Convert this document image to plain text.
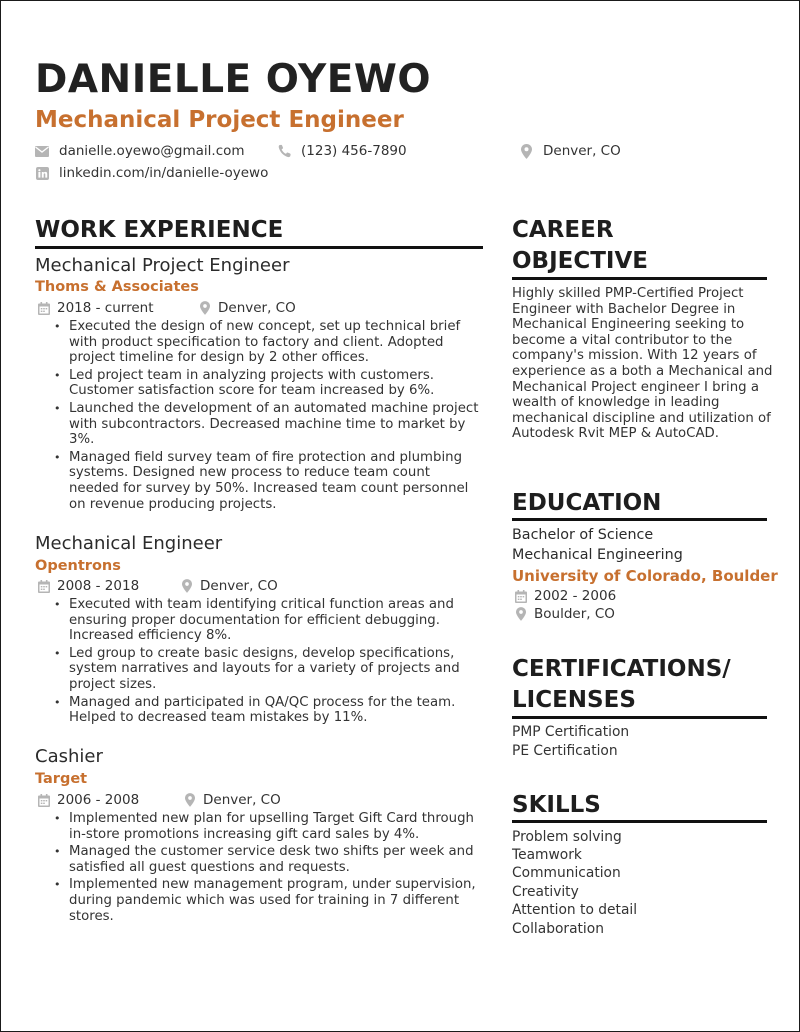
DANIELLE OYEWO
Mechanical Project Engineer
danielle.oyewo@gmail.com	(123) 456-7890	Denver, CO
linkedin.com/in/danielle-oyewo
WORK EXPERIENCE
Mechanical Project Engineer
Thoms & Associates
2018 - current	Denver, CO
• Executed the design of new concept, set up technical brief with product specification to factory and client. Adopted project timeline for design by 2 other offices.
• Led project team in analyzing projects with customers. Customer satisfaction score for team increased by 6%.
• Launched the development of an automated machine project with subcontractors. Decreased machine time to market by 3%.
• Managed field survey team of fire protection and plumbing systems. Designed new process to reduce team count needed for survey by 50%. Increased team count personnel on revenue producing projects.
Mechanical Engineer
Opentrons
2008 - 2018	Denver, CO
• Executed with team identifying critical function areas and ensuring proper documentation for efficient debugging. Increased efficiency 8%.
• Led group to create basic designs, develop specifications, system narratives and layouts for a variety of projects and project sizes.
• Managed and participated in QA/QC process for the team. Helped to decreased team mistakes by 11%.
Cashier
Target
2006 - 2008	Denver, CO
• Implemented new plan for upselling Target Gift Card through in-store promotions increasing gift card sales by 4%.
• Managed the customer service desk two shifts per week and satisfied all guest questions and requests.
• Implemented new management program, under supervision, during pandemic which was used for training in 7 different stores.
CAREER
OBJECTIVE
Highly skilled PMP-Certified Project Engineer with Bachelor Degree in Mechanical Engineering seeking to become a vital contributor to the company's mission. With 12 years of experience as a both a Mechanical and Mechanical Project engineer I bring a wealth of knowledge in leading mechanical discipline and utilization of Autodesk Rvit MEP & AutoCAD.
EDUCATION
Bachelor of Science
Mechanical Engineering
University of Colorado, Boulder
2002 - 2006
Boulder, CO
CERTIFICATIONS/
LICENSES
PMP Certification
PE Certification
SKILLS
Problem solving
Teamwork
Communication
Creativity
Attention to detail
Collaboration
